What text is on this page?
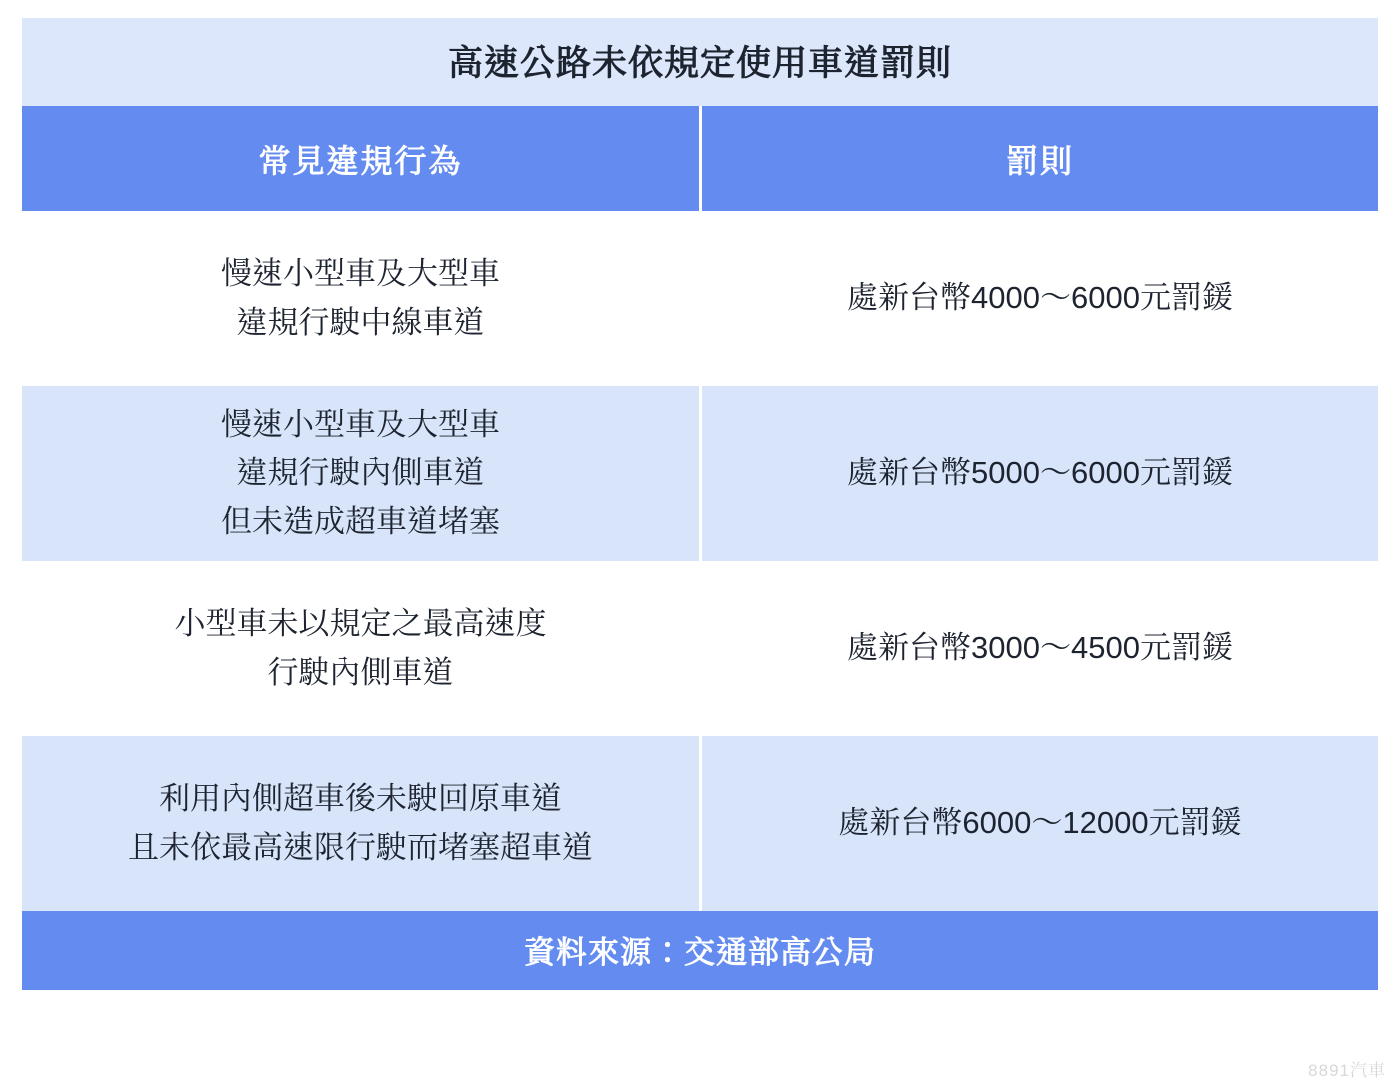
高速公路未依規定使用車道罰則
常見違規行為	罰則
慢速小型車及大型車
違規行駛中線車道
處新台幣4000～6000元罰鍰
慢速小型車及大型車
違規行駛內側車道
但未造成超車道堵塞
處新台幣5000～6000元罰鍰
小型車未以規定之最高速度
行駛內側車道
處新台幣3000～4500元罰鍰
利用內側超車後未駛回原車道
且未依最高速限行駛而堵塞超車道
處新台幣6000～12000元罰鍰
資料來源：交通部高公局
8891汽車
